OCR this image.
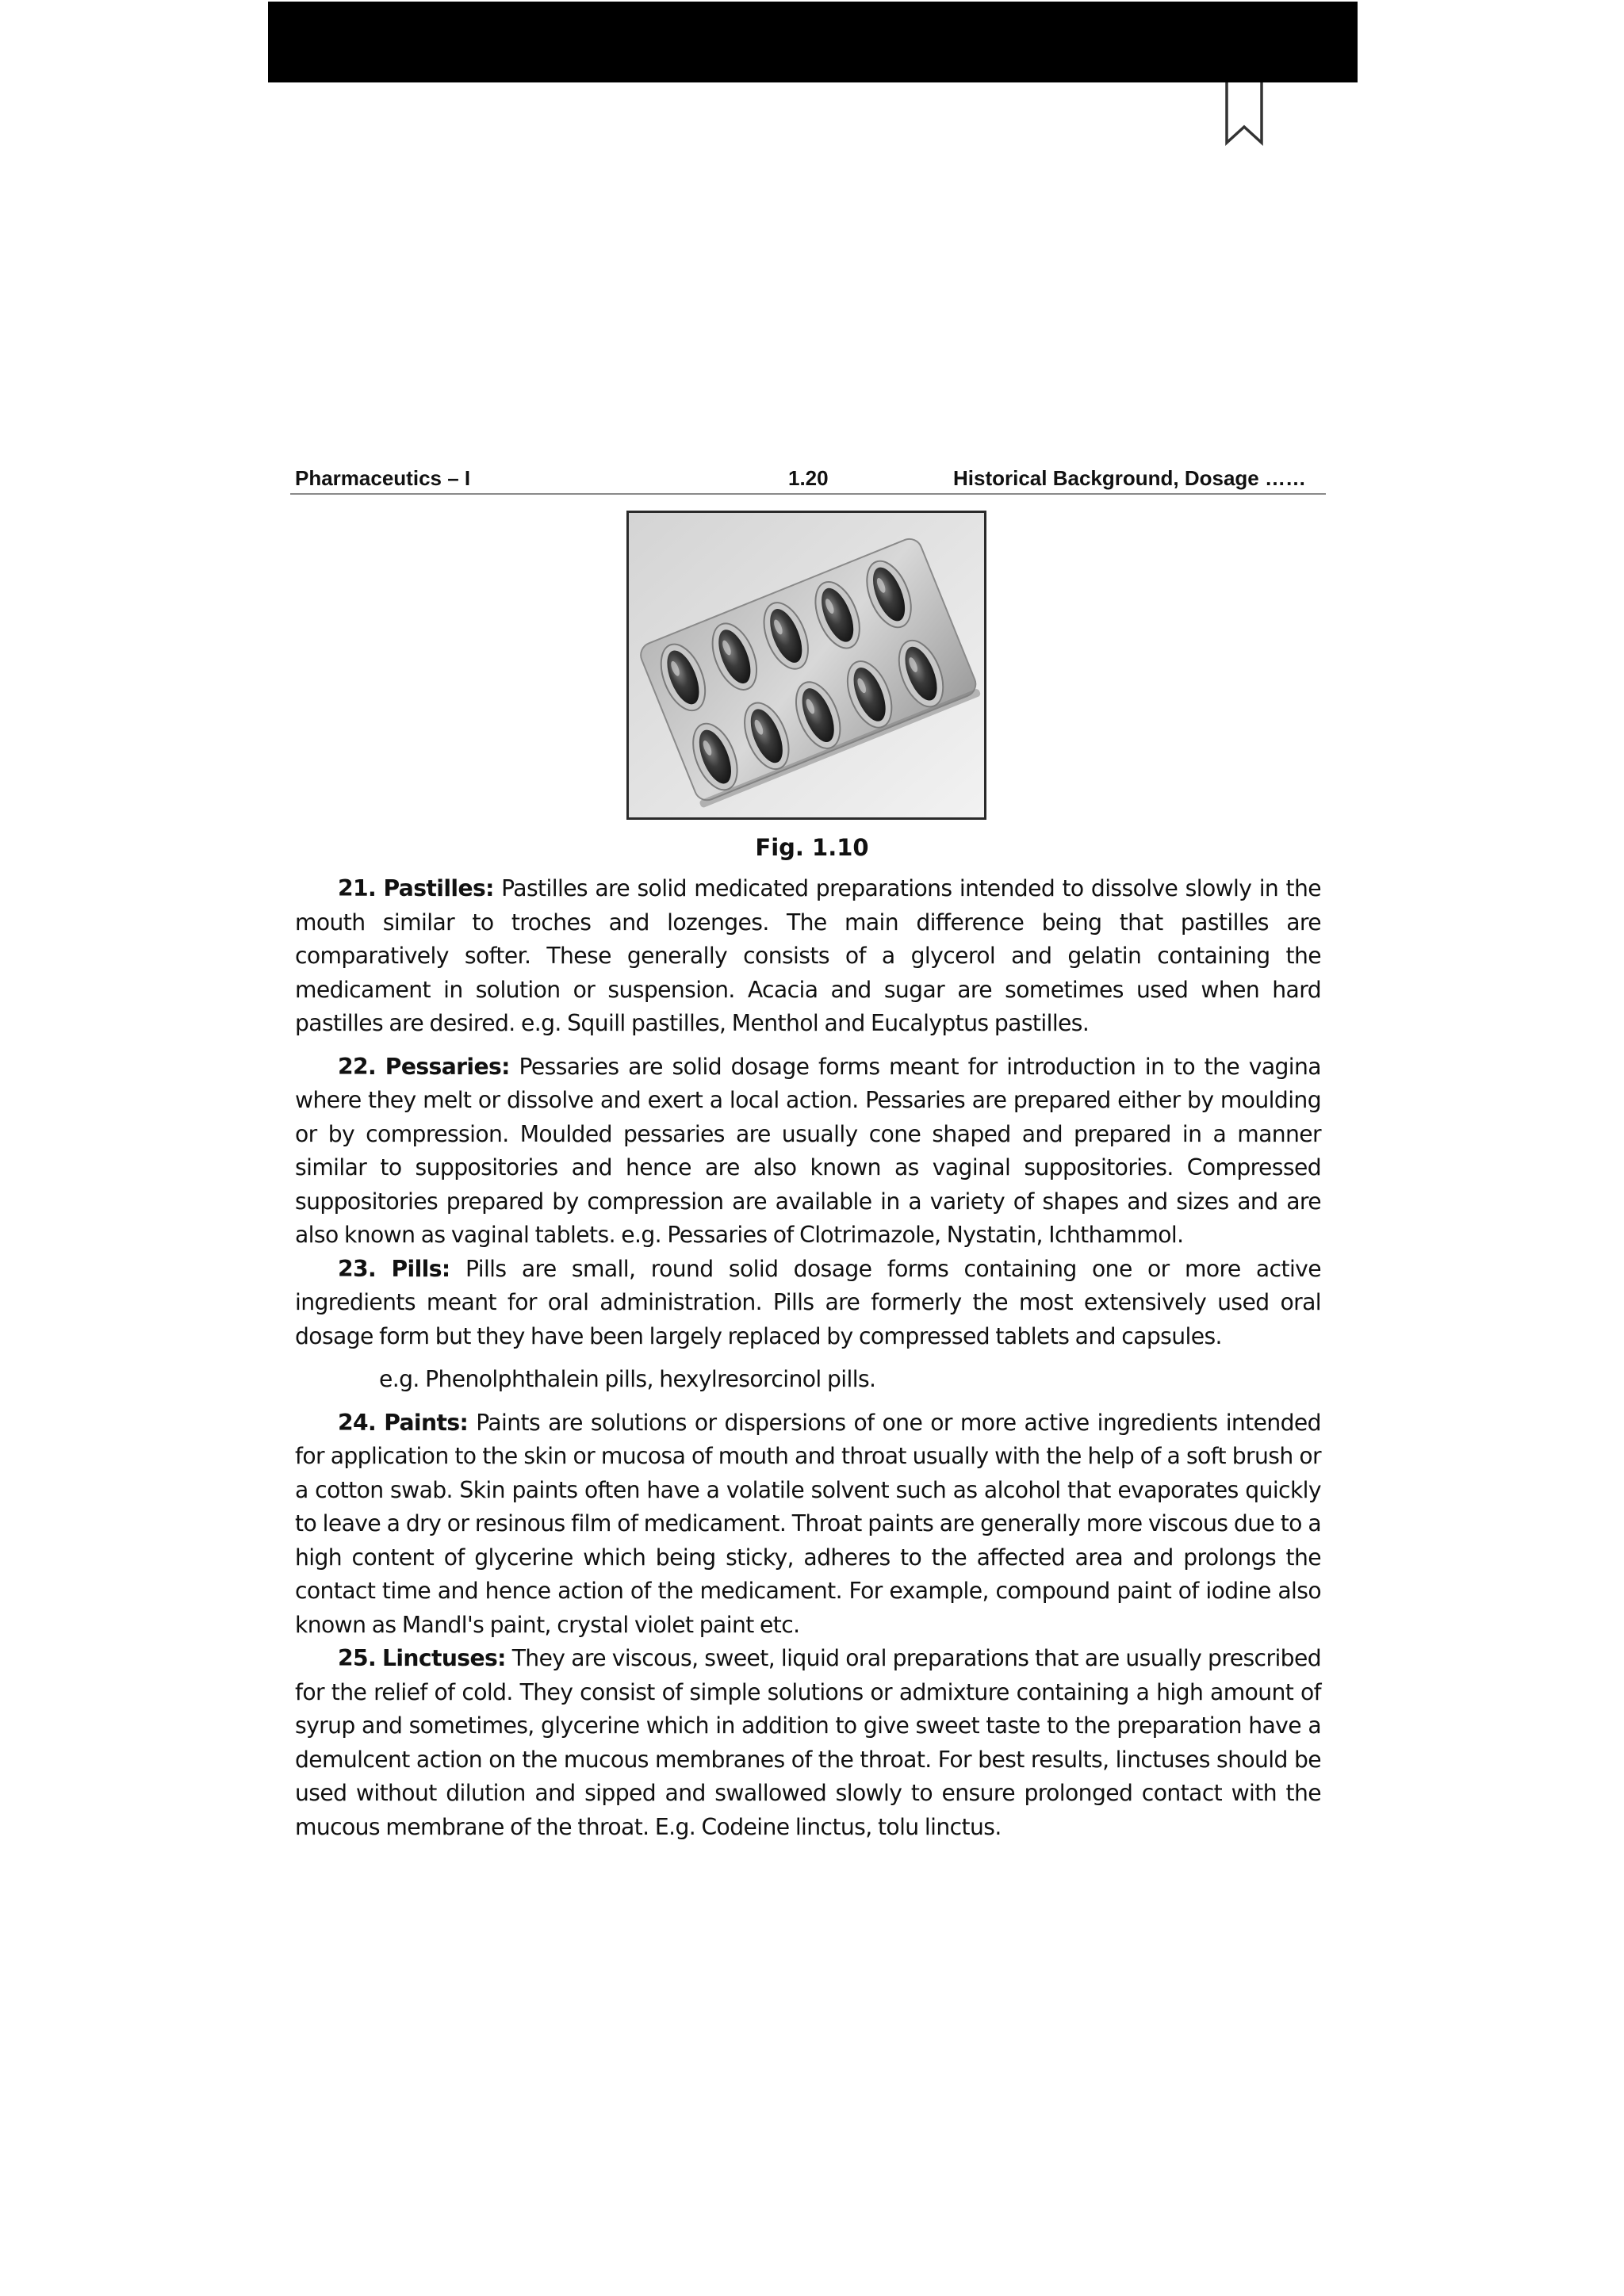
Pharmaceutics – I	1.20	Historical Background, Dosage ……
Fig. 1.10

21. Pastilles: Pastilles are solid medicated preparations intended to dissolve slowly in the mouth similar to troches and lozenges. The main difference being that pastilles are comparatively softer. These generally consists of a glycerol and gelatin containing the medicament in solution or suspension. Acacia and sugar are sometimes used when hard pastilles are desired. e.g. Squill pastilles, Menthol and Eucalyptus pastilles.

22. Pessaries: Pessaries are solid dosage forms meant for introduction in to the vagina where they melt or dissolve and exert a local action. Pessaries are prepared either by moulding or by compression. Moulded pessaries are usually cone shaped and prepared in a manner similar to suppositories and hence are also known as vaginal suppositories. Compressed suppositories prepared by compression are available in a variety of shapes and sizes and are also known as vaginal tablets. e.g. Pessaries of Clotrimazole, Nystatin, Ichthammol.

23. Pills: Pills are small, round solid dosage forms containing one or more active ingredients meant for oral administration. Pills are formerly the most extensively used oral dosage form but they have been largely replaced by compressed tablets and capsules.

e.g. Phenolphthalein pills, hexylresorcinol pills.

24. Paints: Paints are solutions or dispersions of one or more active ingredients intended for application to the skin or mucosa of mouth and throat usually with the help of a soft brush or a cotton swab. Skin paints often have a volatile solvent such as alcohol that evaporates quickly to leave a dry or resinous film of medicament. Throat paints are generally more viscous due to a high content of glycerine which being sticky, adheres to the affected area and prolongs the contact time and hence action of the medicament. For example, compound paint of iodine also known as Mandl's paint, crystal violet paint etc.

25. Linctuses: They are viscous, sweet, liquid oral preparations that are usually prescribed for the relief of cold. They consist of simple solutions or admixture containing a high amount of syrup and sometimes, glycerine which in addition to give sweet taste to the preparation have a demulcent action on the mucous membranes of the throat. For best results, linctuses should be used without dilution and sipped and swallowed slowly to ensure prolonged contact with the mucous membrane of the throat. E.g. Codeine linctus, tolu linctus.
